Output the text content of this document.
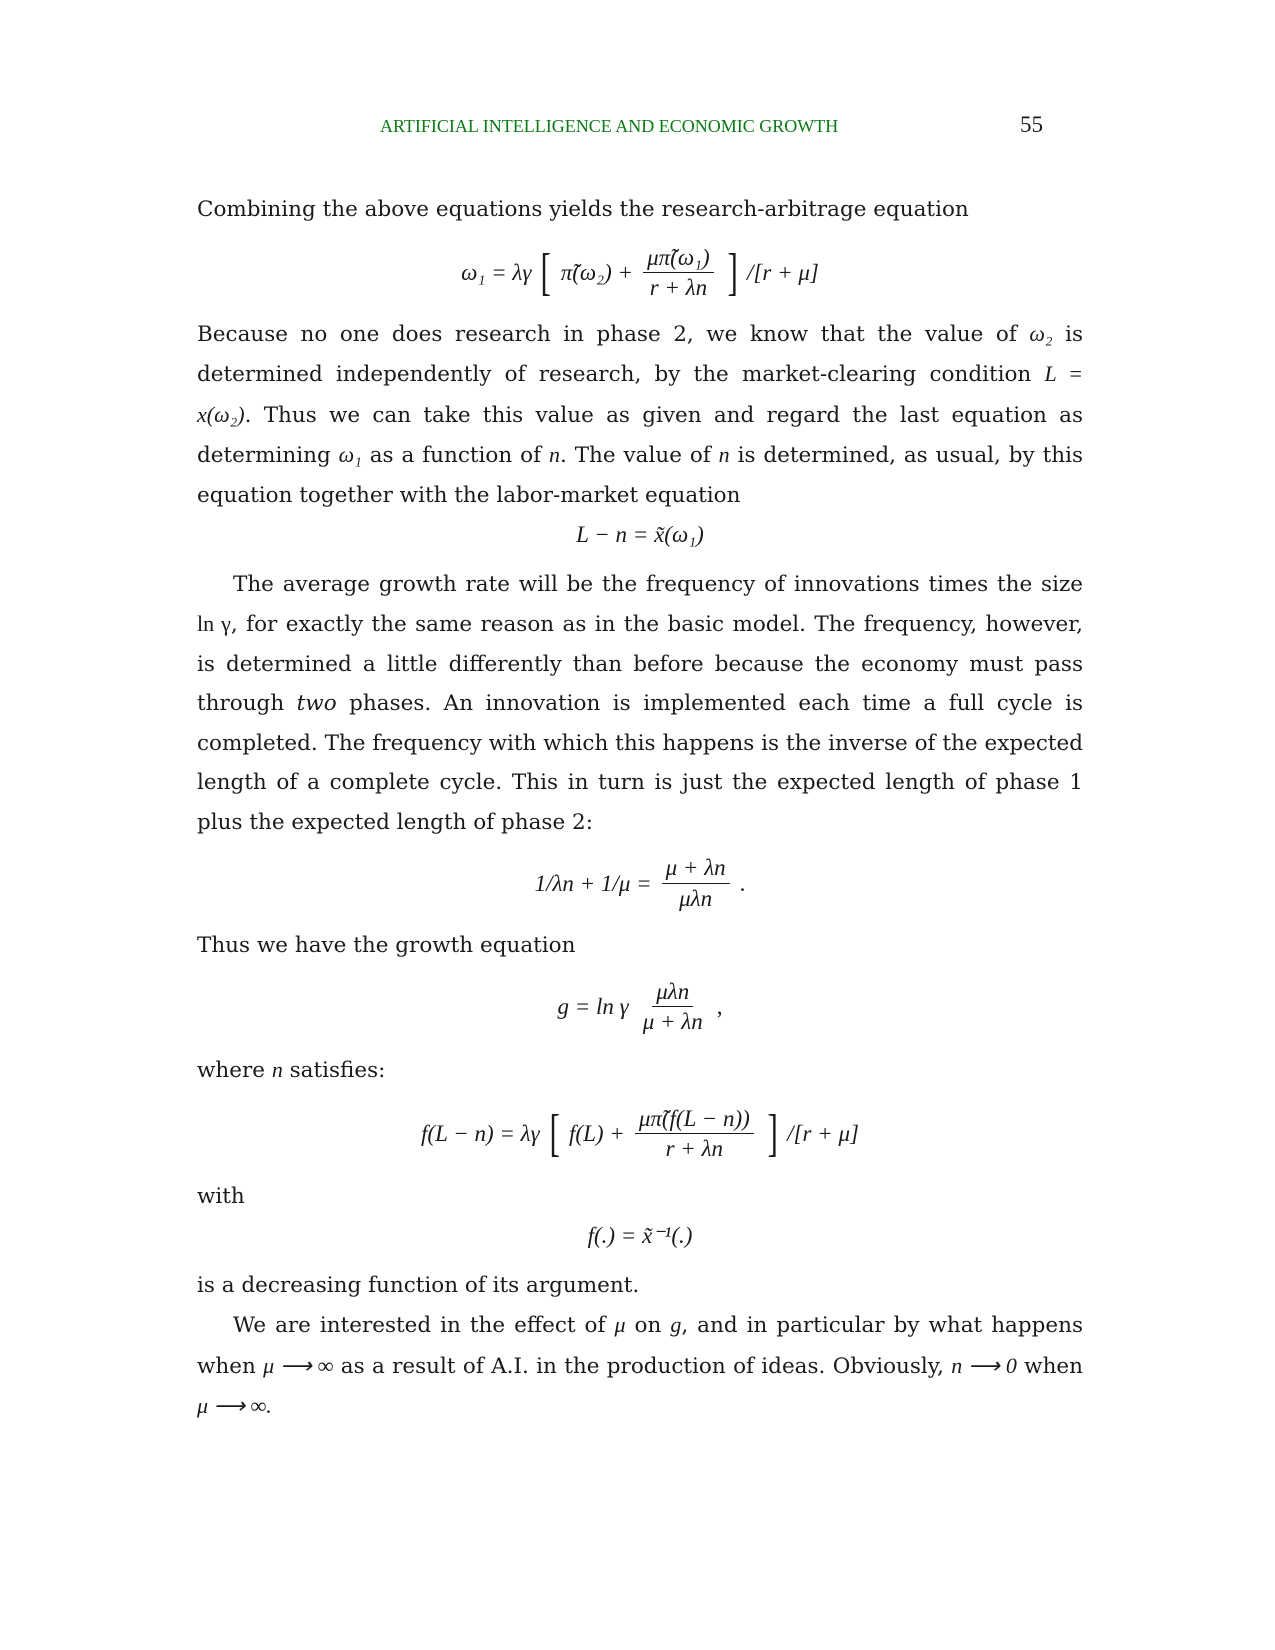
ARTIFICIAL INTELLIGENCE AND ECONOMIC GROWTH	55

Combining the above equations yields the research-arbitrage equation

ω₁ = λγ [ π̃(ω₂) + $\frac{\text{μπ̃(ω₁)}}{r + \lambda n}$ ] /[r + μ]

Because no one does research in phase 2, we know that the value of ω₂ is determined independently of research, by the market-clearing condition L = x(ω₂). Thus we can take this value as given and regard the last equation as determining ω₁ as a function of n. The value of n is determined, as usual, by this equation together with the labor-market equation

L − n = x̃(ω₁)

The average growth rate will be the frequency of innovations times the size ln γ, for exactly the same reason as in the basic model. The frequency, however, is determined a little differently than before because the economy must pass through two phases. An innovation is implemented each time a full cycle is completed. The frequency with which this happens is the inverse of the expected length of a complete cycle. This in turn is just the expected length of phase 1 plus the expected length of phase 2:

$1/\lambda n + 1/\mu = \frac{\mu + \lambda n}{\text{μλn}}$ .

Thus we have the growth equation

g = ln γ $\frac{\text{μλn}}{\mu + \lambda n}$ ,

where n satisfies:

f(L − n) = λγ [ $f(L) + \frac{\mu\pĩ(f(L - n))}{r + \lambda n}$ ] /[r + μ]

with

f(.) = x̃⁻¹(.)

is a decreasing function of its argument.

We are interested in the effect of μ on g, and in particular by what happens when μ ⟶ ∞ as a result of A.I. in the production of ideas. Obviously, n ⟶ 0 when μ ⟶ ∞.
